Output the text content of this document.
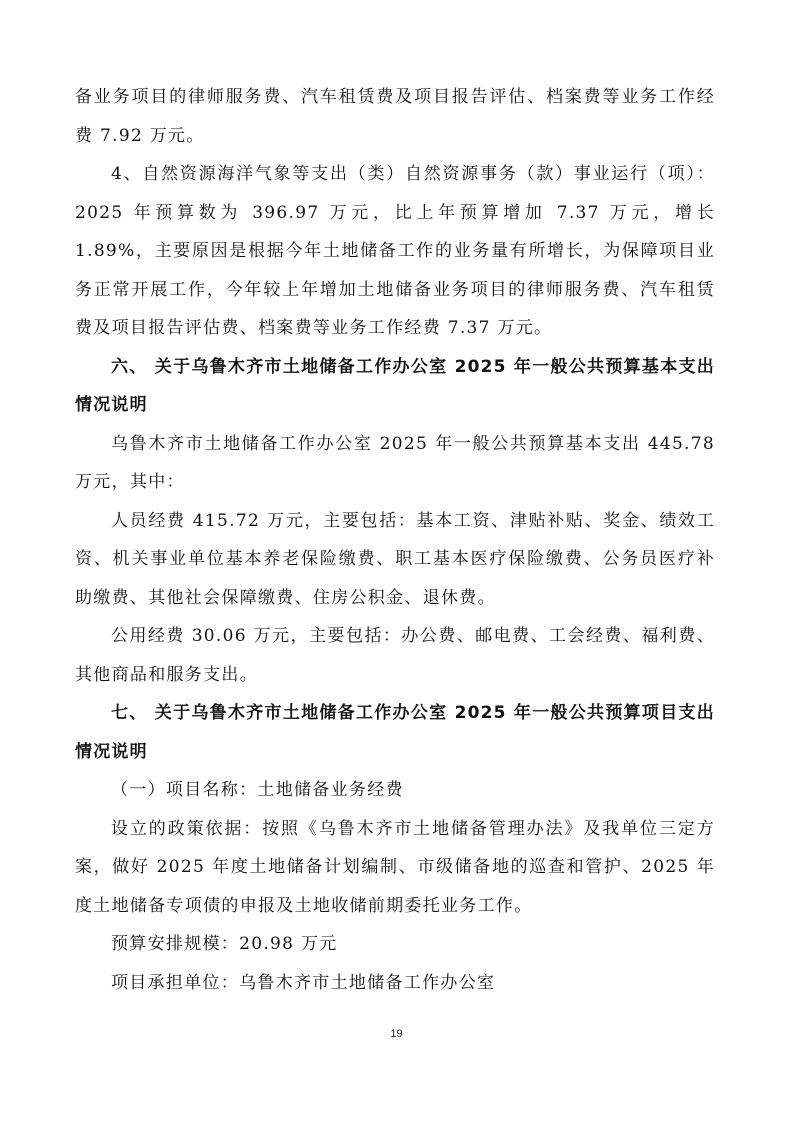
备业务项目的律师服务费、汽车租赁费及项目报告评估、档案费等业务工作经费 7.92 万元。

4、自然资源海洋气象等支出（类）自然资源事务（款）事业运行（项）：2025 年预算数为 396.97 万元，比上年预算增加 7.37 万元，增长 1.89%，主要原因是根据今年土地储备工作的业务量有所增长，为保障项目业务正常开展工作，今年较上年增加土地储备业务项目的律师服务费、汽车租赁费及项目报告评估费、档案费等业务工作经费 7.37 万元。

六、 关于乌鲁木齐市土地储备工作办公室 2025 年一般公共预算基本支出情况说明

乌鲁木齐市土地储备工作办公室 2025 年一般公共预算基本支出 445.78 万元，其中：

人员经费 415.72 万元，主要包括：基本工资、津贴补贴、奖金、绩效工资、机关事业单位基本养老保险缴费、职工基本医疗保险缴费、公务员医疗补助缴费、其他社会保障缴费、住房公积金、退休费。

公用经费 30.06 万元，主要包括：办公费、邮电费、工会经费、福利费、其他商品和服务支出。

七、 关于乌鲁木齐市土地储备工作办公室 2025 年一般公共预算项目支出情况说明

（一）项目名称：土地储备业务经费

设立的政策依据：按照《乌鲁木齐市土地储备管理办法》及我单位三定方案，做好 2025 年度土地储备计划编制、市级储备地的巡查和管护、2025 年度土地储备专项债的申报及土地收储前期委托业务工作。

预算安排规模：20.98 万元

项目承担单位：乌鲁木齐市土地储备工作办公室

19
